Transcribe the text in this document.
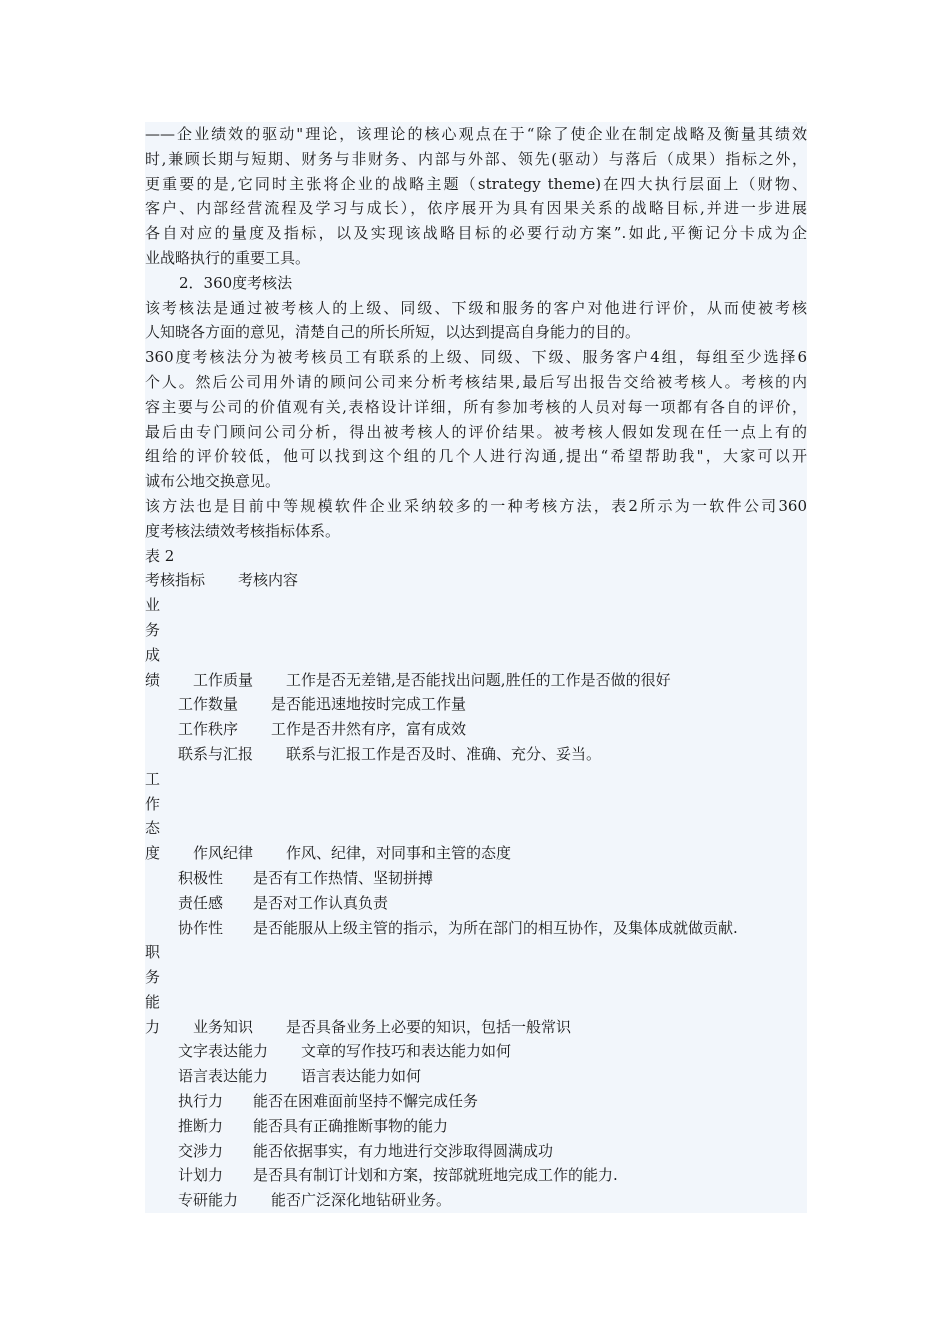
——企业绩效的驱动"理论，该理论的核心观点在于“除了使企业在制定战略及衡量其绩效
时,兼顾长期与短期、财务与非财务、内部与外部、领先(驱动）与落后（成果）指标之外，
更重要的是,它同时主张将企业的战略主题（strategy theme)在四大执行层面上（财物、
客户、内部经营流程及学习与成长），依序展开为具有因果关系的战略目标,并进一步进展
各自对应的量度及指标，以及实现该战略目标的必要行动方案”.如此,平衡记分卡成为企
业战略执行的重要工具。
2．360度考核法
该考核法是通过被考核人的上级、同级、下级和服务的客户对他进行评价，从而使被考核
人知晓各方面的意见，清楚自己的所长所短，以达到提高自身能力的目的。
360度考核法分为被考核员工有联系的上级、同级、下级、服务客户4组，每组至少选择6
个人。然后公司用外请的顾问公司来分析考核结果,最后写出报告交给被考核人。考核的内
容主要与公司的价值观有关,表格设计详细，所有参加考核的人员对每一项都有各自的评价，
最后由专门顾问公司分析，得出被考核人的评价结果。被考核人假如发现在任一点上有的
组给的评价较低，他可以找到这个组的几个人进行沟通,提出“希望帮助我"，大家可以开
诚布公地交换意见。
该方法也是目前中等规模软件企业采纳较多的一种考核方法，表2所示为一软件公司360
度考核法绩效考核指标体系。
表 2
考核指标 考核内容
业
务
成
绩 工作质量 工作是否无差错,是否能找出问题,胜任的工作是否做的很好
工作数量 是否能迅速地按时完成工作量
工作秩序 工作是否井然有序，富有成效
联系与汇报 联系与汇报工作是否及时、准确、充分、妥当。
工
作
态
度 作风纪律 作风、纪律，对同事和主管的态度
积极性 是否有工作热情、坚韧拼搏
责任感 是否对工作认真负责
协作性 是否能服从上级主管的指示，为所在部门的相互协作，及集体成就做贡献.
职
务
能
力 业务知识 是否具备业务上必要的知识，包括一般常识
文字表达能力 文章的写作技巧和表达能力如何
语言表达能力 语言表达能力如何
执行力 能否在困难面前坚持不懈完成任务
推断力 能否具有正确推断事物的能力
交涉力 能否依据事实，有力地进行交涉取得圆满成功
计划力 是否具有制订计划和方案，按部就班地完成工作的能力.
专研能力 能否广泛深化地钻研业务。
